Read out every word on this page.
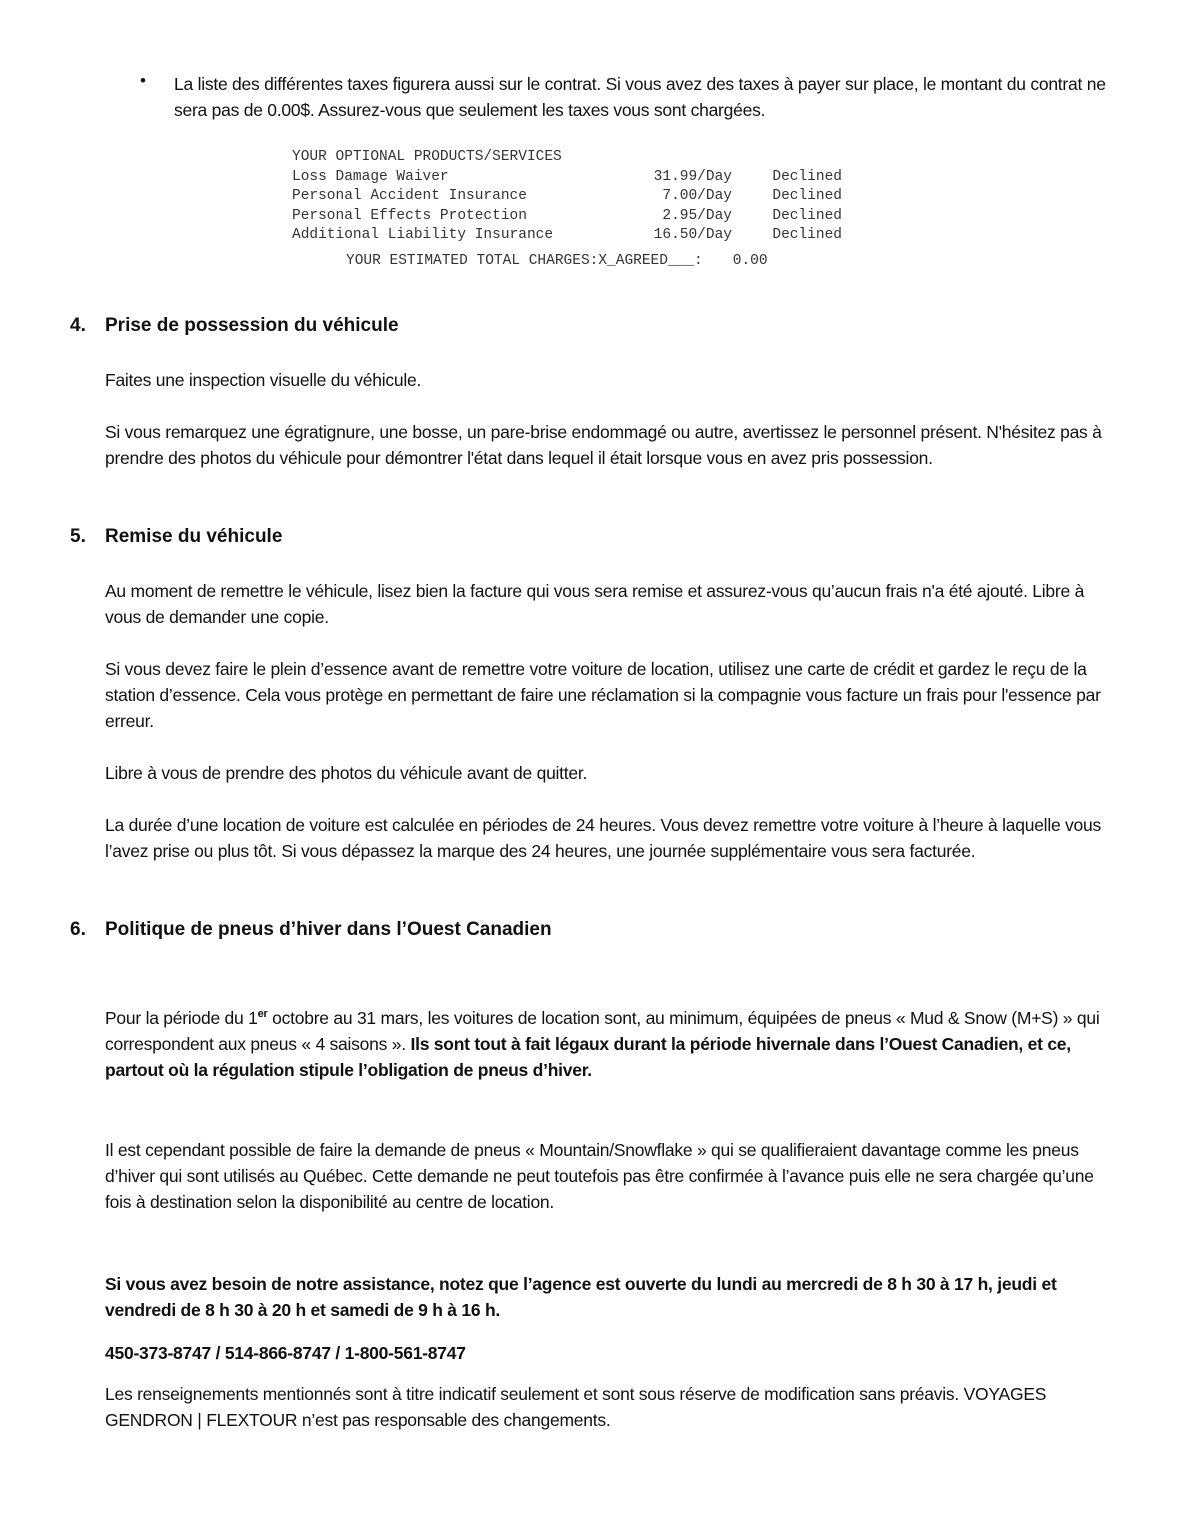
• La liste des différentes taxes figurera aussi sur le contrat. Si vous avez des taxes à payer sur place, le montant du contrat ne sera pas de 0.00$. Assurez-vous que seulement les taxes vous sont chargées.
YOUR OPTIONAL PRODUCTS/SERVICES
Loss Damage Waiver	31.99/Day	Declined
Personal Accident Insurance	7.00/Day	Declined
Personal Effects Protection	2.95/Day	Declined
Additional Liability Insurance	16.50/Day	Declined
YOUR ESTIMATED TOTAL CHARGES:X_AGREED___: 0.00
4. Prise de possession du véhicule
Faites une inspection visuelle du véhicule.
Si vous remarquez une égratignure, une bosse, un pare-brise endommagé ou autre, avertissez le personnel présent. N'hésitez pas à prendre des photos du véhicule pour démontrer l'état dans lequel il était lorsque vous en avez pris possession.
5. Remise du véhicule
Au moment de remettre le véhicule, lisez bien la facture qui vous sera remise et assurez-vous qu’aucun frais n'a été ajouté. Libre à vous de demander une copie.
Si vous devez faire le plein d’essence avant de remettre votre voiture de location, utilisez une carte de crédit et gardez le reçu de la station d’essence. Cela vous protège en permettant de faire une réclamation si la compagnie vous facture un frais pour l'essence par erreur.
Libre à vous de prendre des photos du véhicule avant de quitter.
La durée d’une location de voiture est calculée en périodes de 24 heures. Vous devez remettre votre voiture à l’heure à laquelle vous l’avez prise ou plus tôt. Si vous dépassez la marque des 24 heures, une journée supplémentaire vous sera facturée.
6. Politique de pneus d’hiver dans l’Ouest Canadien
Pour la période du 1er octobre au 31 mars, les voitures de location sont, au minimum, équipées de pneus « Mud & Snow (M+S) » qui correspondent aux pneus « 4 saisons ». Ils sont tout à fait légaux durant la période hivernale dans l’Ouest Canadien, et ce, partout où la régulation stipule l’obligation de pneus d’hiver.
Il est cependant possible de faire la demande de pneus « Mountain/Snowflake » qui se qualifieraient davantage comme les pneus d’hiver qui sont utilisés au Québec. Cette demande ne peut toutefois pas être confirmée à l’avance puis elle ne sera chargée qu’une fois à destination selon la disponibilité au centre de location.
Si vous avez besoin de notre assistance, notez que l’agence est ouverte du lundi au mercredi de 8 h 30 à 17 h, jeudi et vendredi de 8 h 30 à 20 h et samedi de 9 h à 16 h.
450-373-8747 / 514-866-8747 / 1-800-561-8747
Les renseignements mentionnés sont à titre indicatif seulement et sont sous réserve de modification sans préavis. VOYAGES GENDRON | FLEXTOUR n’est pas responsable des changements.
